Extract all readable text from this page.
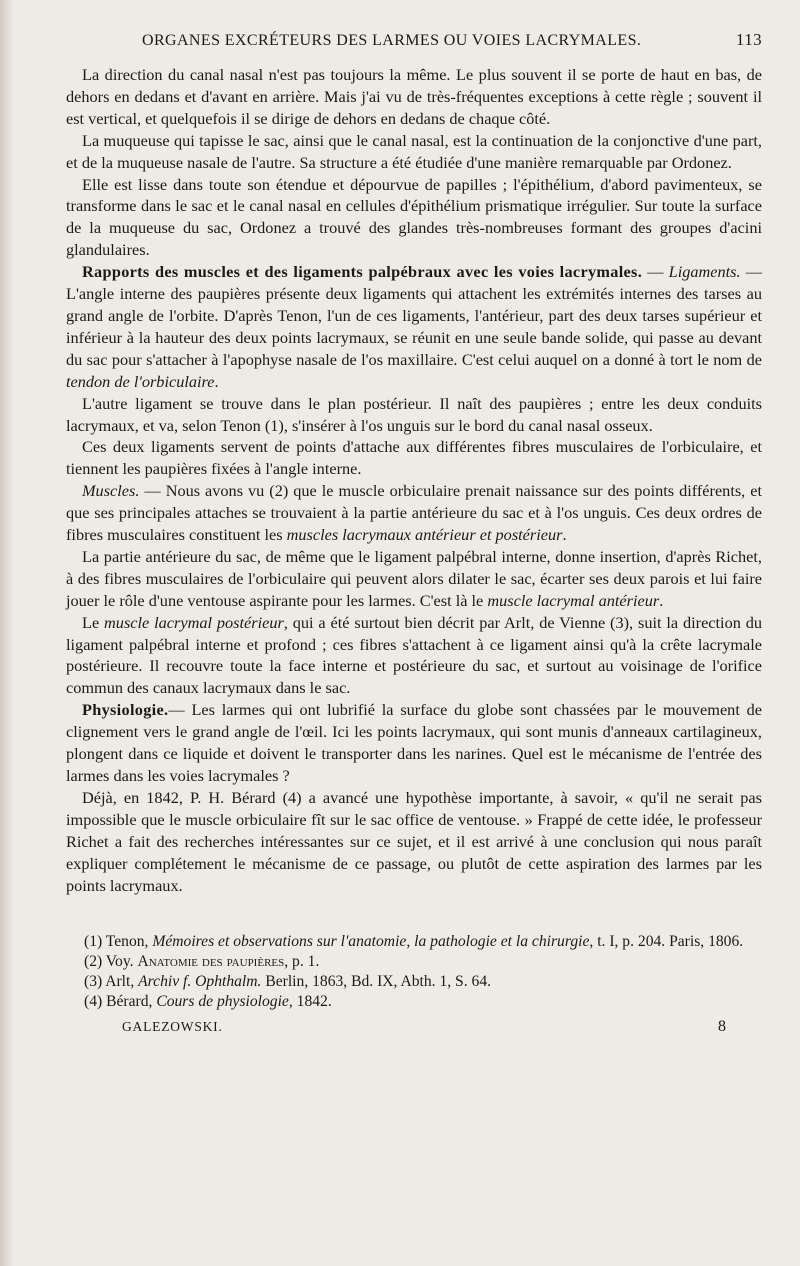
ORGANES EXCRÉTEURS DES LARMES OU VOIES LACRYMALES.	113

La direction du canal nasal n'est pas toujours la même. Le plus souvent il se porte de haut en bas, de dehors en dedans et d'avant en arrière. Mais j'ai vu de très-fréquentes exceptions à cette règle ; souvent il est vertical, et quelquefois il se dirige de dehors en dedans de chaque côté.

La muqueuse qui tapisse le sac, ainsi que le canal nasal, est la continuation de la conjonctive d'une part, et de la muqueuse nasale de l'autre. Sa structure a été étudiée d'une manière remarquable par Ordonez.

Elle est lisse dans toute son étendue et dépourvue de papilles ; l'épithélium, d'abord pavimenteux, se transforme dans le sac et le canal nasal en cellules d'épithélium prismatique irrégulier. Sur toute la surface de la muqueuse du sac, Ordonez a trouvé des glandes très-nombreuses formant des groupes d'acini glandulaires.

Rapports des muscles et des ligaments palpébraux avec les voies lacrymales. — Ligaments. — L'angle interne des paupières présente deux ligaments qui attachent les extrémités internes des tarses au grand angle de l'orbite. D'après Tenon, l'un de ces ligaments, l'antérieur, part des deux tarses supérieur et inférieur à la hauteur des deux points lacrymaux, se réunit en une seule bande solide, qui passe au devant du sac pour s'attacher à l'apophyse nasale de l'os maxillaire. C'est celui auquel on a donné à tort le nom de tendon de l'orbiculaire.

L'autre ligament se trouve dans le plan postérieur. Il naît des paupières ; entre les deux conduits lacrymaux, et va, selon Tenon (1), s'insérer à l'os unguis sur le bord du canal nasal osseux.

Ces deux ligaments servent de points d'attache aux différentes fibres musculaires de l'orbiculaire, et tiennent les paupières fixées à l'angle interne.

Muscles. — Nous avons vu (2) que le muscle orbiculaire prenait naissance sur des points différents, et que ses principales attaches se trouvaient à la partie antérieure du sac et à l'os unguis. Ces deux ordres de fibres musculaires constituent les muscles lacrymaux antérieur et postérieur.

La partie antérieure du sac, de même que le ligament palpébral interne, donne insertion, d'après Richet, à des fibres musculaires de l'orbiculaire qui peuvent alors dilater le sac, écarter ses deux parois et lui faire jouer le rôle d'une ventouse aspirante pour les larmes. C'est là le muscle lacrymal antérieur.

Le muscle lacrymal postérieur, qui a été surtout bien décrit par Arlt, de Vienne (3), suit la direction du ligament palpébral interne et profond ; ces fibres s'attachent à ce ligament ainsi qu'à la crête lacrymale postérieure. Il recouvre toute la face interne et postérieure du sac, et surtout au voisinage de l'orifice commun des canaux lacrymaux dans le sac.

Physiologie.— Les larmes qui ont lubrifié la surface du globe sont chassées par le mouvement de clignement vers le grand angle de l'œil. Ici les points lacrymaux, qui sont munis d'anneaux cartilagineux, plongent dans ce liquide et doivent le transporter dans les narines. Quel est le mécanisme de l'entrée des larmes dans les voies lacrymales ?

Déjà, en 1842, P. H. Bérard (4) a avancé une hypothèse importante, à savoir, « qu'il ne serait pas impossible que le muscle orbiculaire fît sur le sac office de ventouse. » Frappé de cette idée, le professeur Richet a fait des recherches intéressantes sur ce sujet, et il est arrivé à une conclusion qui nous paraît expliquer complétement le mécanisme de ce passage, ou plutôt de cette aspiration des larmes par les points lacrymaux.

(1) Tenon, Mémoires et observations sur l'anatomie, la pathologie et la chirurgie, t. I, p. 204. Paris, 1806.

(2) Voy. Anatomie des paupières, p. 1.

(3) Arlt, Archiv f. Ophthalm. Berlin, 1863, Bd. IX, Abth. 1, S. 64.

(4) Bérard, Cours de physiologie, 1842.

GALEZOWSKI.	8
